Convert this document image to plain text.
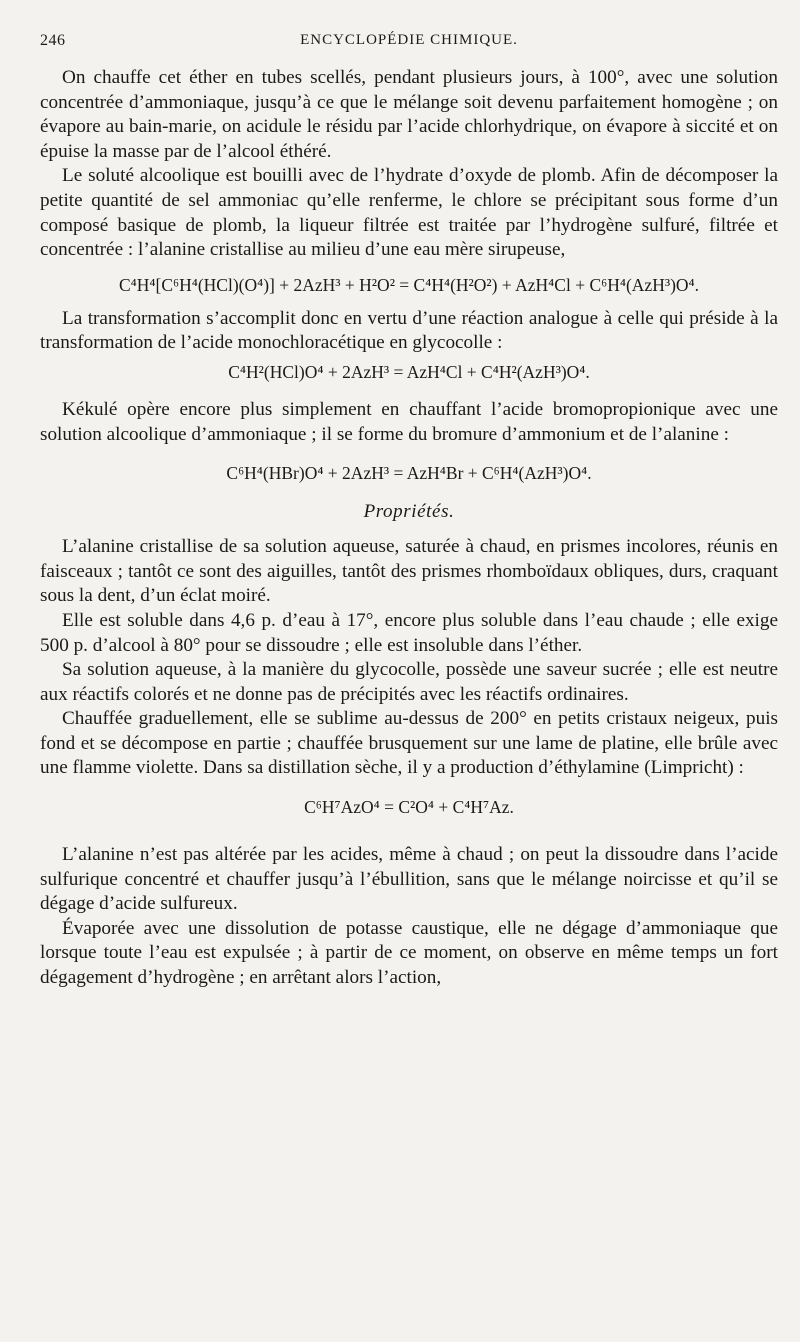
246	ENCYCLOPÉDIE CHIMIQUE.

On chauffe cet éther en tubes scellés, pendant plusieurs jours, à 100°, avec une solution concentrée d’ammoniaque, jusqu’à ce que le mélange soit devenu parfaitement homogène ; on évapore au bain-marie, on acidule le résidu par l’acide chlorhydrique, on évapore à siccité et on épuise la masse par de l’alcool éthéré.

Le soluté alcoolique est bouilli avec de l’hydrate d’oxyde de plomb. Afin de décomposer la petite quantité de sel ammoniac qu’elle renferme, le chlore se précipitant sous forme d’un composé basique de plomb, la liqueur filtrée est traitée par l’hydrogène sulfuré, filtrée et concentrée : l’alanine cristallise au milieu d’une eau mère sirupeuse,

C⁴H⁴[C⁶H⁴(HCl)(O⁴)] + 2AzH³ + H²O² = C⁴H⁴(H²O²) + AzH⁴Cl + C⁶H⁴(AzH³)O⁴.

La transformation s’accomplit donc en vertu d’une réaction analogue à celle qui préside à la transformation de l’acide monochloracétique en glycocolle :

C⁴H²(HCl)O⁴ + 2AzH³ = AzH⁴Cl + C⁴H²(AzH³)O⁴.

Kékulé opère encore plus simplement en chauffant l’acide bromopropionique avec une solution alcoolique d’ammoniaque ; il se forme du bromure d’ammonium et de l’alanine :

C⁶H⁴(HBr)O⁴ + 2AzH³ = AzH⁴Br + C⁶H⁴(AzH³)O⁴.
Propriétés.

L’alanine cristallise de sa solution aqueuse, saturée à chaud, en prismes incolores, réunis en faisceaux ; tantôt ce sont des aiguilles, tantôt des prismes rhomboïdaux obliques, durs, craquant sous la dent, d’un éclat moiré.

Elle est soluble dans 4,6 p. d’eau à 17°, encore plus soluble dans l’eau chaude ; elle exige 500 p. d’alcool à 80° pour se dissoudre ; elle est insoluble dans l’éther.

Sa solution aqueuse, à la manière du glycocolle, possède une saveur sucrée ; elle est neutre aux réactifs colorés et ne donne pas de précipités avec les réactifs ordinaires.

Chauffée graduellement, elle se sublime au-dessus de 200° en petits cristaux neigeux, puis fond et se décompose en partie ; chauffée brusquement sur une lame de platine, elle brûle avec une flamme violette. Dans sa distillation sèche, il y a production d’éthylamine (Limpricht) :

C⁶H⁷AzO⁴ = C²O⁴ + C⁴H⁷Az.

L’alanine n’est pas altérée par les acides, même à chaud ; on peut la dissoudre dans l’acide sulfurique concentré et chauffer jusqu’à l’ébullition, sans que le mélange noircisse et qu’il se dégage d’acide sulfureux.

Évaporée avec une dissolution de potasse caustique, elle ne dégage d’ammoniaque que lorsque toute l’eau est expulsée ; à partir de ce moment, on observe en même temps un fort dégagement d’hydrogène ; en arrêtant alors l’action,
